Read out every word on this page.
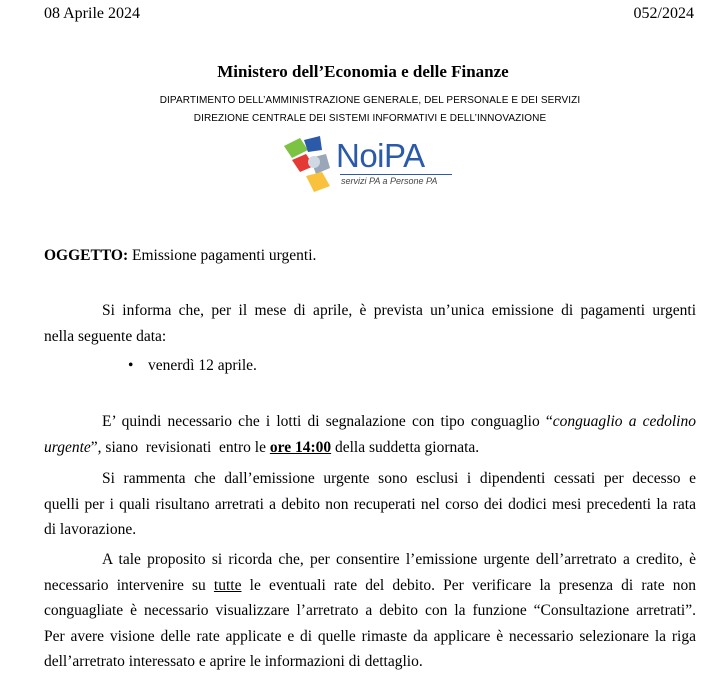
08 Aprile 2024	052/2024
Ministero dell’Economia e delle Finanze
DIPARTIMENTO DELL’AMMINISTRAZIONE GENERALE, DEL PERSONALE E DEI SERVIZI
DIREZIONE CENTRALE DEI SISTEMI INFORMATIVI E DELL’INNOVAZIONE
NoiPA
servizi PA a Persone PA
OGGETTO: Emissione pagamenti urgenti.
Si informa che, per il mese di aprile, è prevista un’unica emissione di pagamenti urgenti
nella seguente data:
• venerdì 12 aprile.
E’ quindi necessario che i lotti di segnalazione con tipo conguaglio “conguaglio a cedolino
urgente”, siano  revisionati  entro le ore 14:00 della suddetta giornata.
Si rammenta che dall’emissione urgente sono esclusi i dipendenti cessati per decesso e
quelli per i quali risultano arretrati a debito non recuperati nel corso dei dodici mesi precedenti la rata
di lavorazione.
A tale proposito si ricorda che, per consentire l’emissione urgente dell’arretrato a credito, è
necessario intervenire su tutte le eventuali rate del debito. Per verificare la presenza di rate non
conguagliate è necessario visualizzare l’arretrato a debito con la funzione “Consultazione arretrati”.
Per avere visione delle rate applicate e di quelle rimaste da applicare è necessario selezionare la riga
dell’arretrato interessato e aprire le informazioni di dettaglio.
